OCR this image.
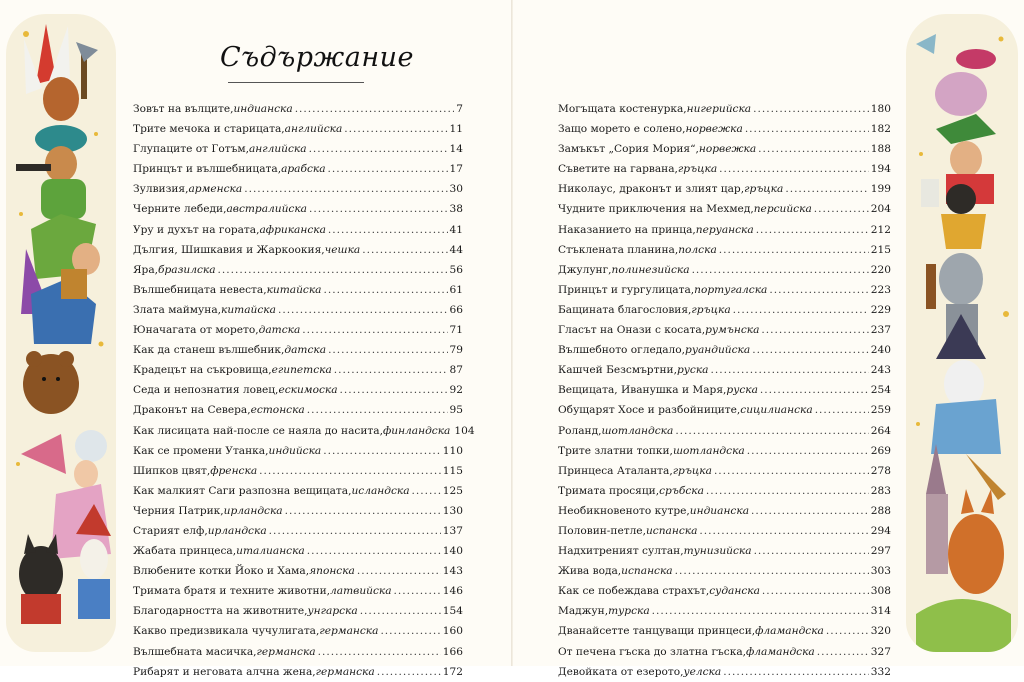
Съдържание
Зовът на вълците, индианска .....	7
Трите мечока и старицата, английска .....	11
Глупаците от Готъм, английска .....	14
Принцът и вълшебницата, арабска .....	17
Зулвизия, арменска .....	30
Черните лебеди, австралийска .....	38
Уру и духът на гората, африканска .....	41
Дългия, Шишкавия и Жаркоокия, чешка .....	44
Яра, бразилска .....	56
Вълшебницата невеста, китайска .....	61
Злата маймуна, китайска .....	66
Юначагата от морето, датска .....	71
Как да станеш вълшебник, датска .....	79
Крадецът на съкровища, египетска .....	87
Седа и непознатия ловец, ескимоска .....	92
Драконът на Севера, естонска .....	95
Как лисицата най-после се наяла до насита, финландска 104
Как се промени Утанка, индийска .....	110
Шипков цвят, френска .....	115
Как малкият Саги разпозна вещицата, исландска .....	125
Черния Патрик, ирландска .....	130
Старият елф, ирландска .....	137
Жабата принцеса, италианска .....	140
Влюбените котки Йоко и Хама, японска .....	143
Тримата братя и техните животни, латвийска .....	146
Благодарността на животните, унгарска .....	154
Какво предизвикала чучулигата, германска .....	160
Вълшебната масичка, германска .....	166
Рибарят и неговата алчна жена, германска .....	172
Могъщата костенурка, нигерийска .....	180
Защо морето е солено, норвежка .....	182
Замъкът „Сория Мория“, норвежка .....	188
Съветите на гарвана, гръцка .....	194
Николаус, драконът и злият цар, гръцка .....	199
Чудните приключения на Мехмед, персийска .....	204
Наказанието на принца, перуанска .....	212
Стъклената планина, полска .....	215
Джулунг, полинезийска .....	220
Принцът и гургулицата, португалска .....	223
Бащината благословия, гръцка .....	229
Гласът на Онази с косата, румънска .....	237
Вълшебното огледало, руандийска .....	240
Кашчей Безсмъртни, руска .....	243
Вещицата, Иванушка и Маря, руска .....	254
Обущарят Хосе и разбойниците, сицилианска .....	259
Роланд, шотландска .....	264
Трите златни топки, шотландска .....	269
Принцеса Аталанта, гръцка .....	278
Тримата просяци, сръбска .....	283
Необикновеното кутре, индианска .....	288
Половин-петле, испанска .....	294
Надхитреният султан, тунизийска .....	297
Жива вода, испанска .....	303
Как се побеждава страхът, суданска .....	308
Маджун, турска .....	314
Дванайсетте танцуващи принцеси, фламандска .....	320
От печена гъска до златна гъска, фламандска .....	327
Девойката от езерото, уелска .....	332
